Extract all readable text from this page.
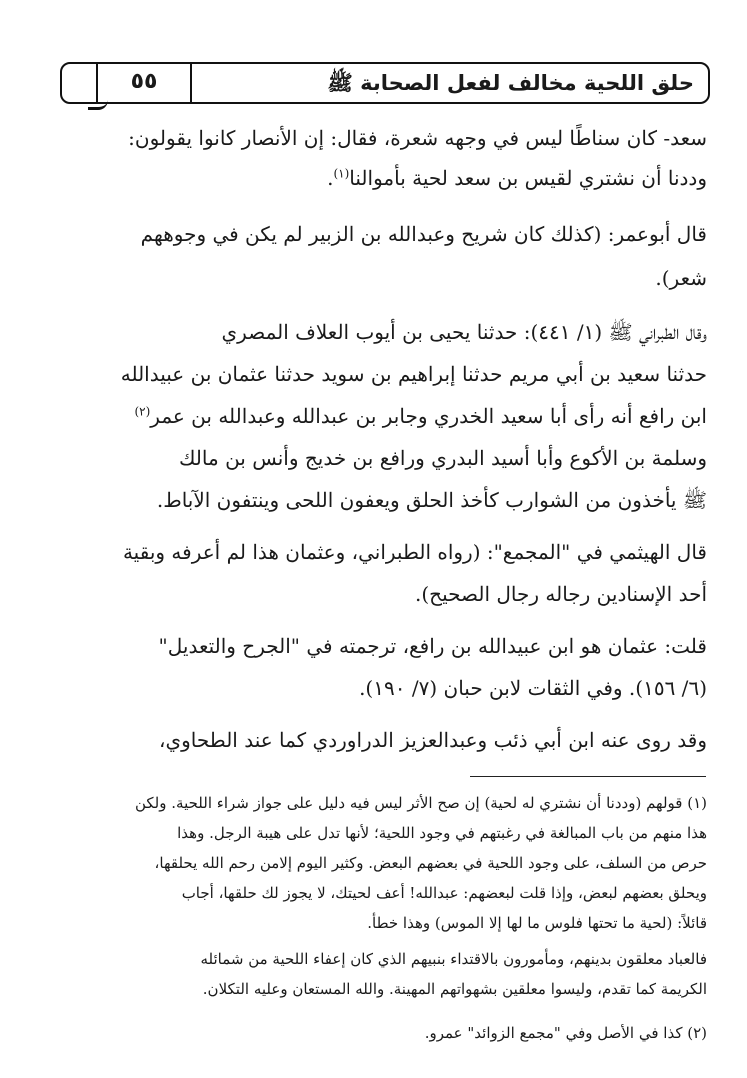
حلق اللحية مخالف لفعل الصحابة ﷺ
٥٥
سعد- كان سناطًا ليس في وجهه شعرة، فقال: إن الأنصار كانوا يقولون:
وددنا أن نشتري لقيس بن سعد لحية بأموالنا$^{(١)}$.
قال أبوعمر: (كذلك كان شريح وعبدالله بن الزبير لم يكن في وجوههم
شعر).
وقال الطبراني ﷺ (١/ ٤٤١): حدثنا يحيى بن أيوب العلاف المصري
حدثنا سعيد بن أبي مريم حدثنا إبراهيم بن سويد حدثنا عثمان بن عبيدالله
ابن رافع أنه رأى أبا سعيد الخدري وجابر بن عبدالله وعبدالله بن عمر$^{(٢)}$
وسلمة بن الأكوع وأبا أسيد البدري ورافع بن خديج وأنس بن مالك
ﷺ يأخذون من الشوارب كأخذ الحلق ويعفون اللحى وينتفون الآباط.
قال الهيثمي في "المجمع": (رواه الطبراني، وعثمان هذا لم أعرفه وبقية
أحد الإسنادين رجاله رجال الصحيح).
قلت: عثمان هو ابن عبيدالله بن رافع، ترجمته في "الجرح والتعديل"
(٦/ ١٥٦). وفي الثقات لابن حبان (٧/ ١٩٠).
وقد روى عنه ابن أبي ذئب وعبدالعزيز الدراوردي كما عند الطحاوي،
(١) قولهم (وددنا أن نشتري له لحية) إن صح الأثر ليس فيه دليل على جواز شراء اللحية. ولكن
هذا منهم من باب المبالغة في رغبتهم في وجود اللحية؛ لأنها تدل على هيبة الرجل. وهذا
حرص من السلف، على وجود اللحية في بعضهم البعض. وكثير اليوم إلامن رحم الله يحلقها،
ويحلق بعضهم لبعض، وإذا قلت لبعضهم: عبدالله! أعف لحيتك، لا يجوز لك حلقها، أجاب
قائلاً: (لحية ما تحتها فلوس ما لها إلا الموس) وهذا خطأ.
فالعباد معلقون بدينهم، ومأمورون بالاقتداء بنبيهم الذي كان إعفاء اللحية من شمائله
الكريمة كما تقدم، وليسوا معلقين بشهواتهم المهينة. والله المستعان وعليه التكلان.
(٢) كذا في الأصل وفي "مجمع الزوائد" عمرو.
